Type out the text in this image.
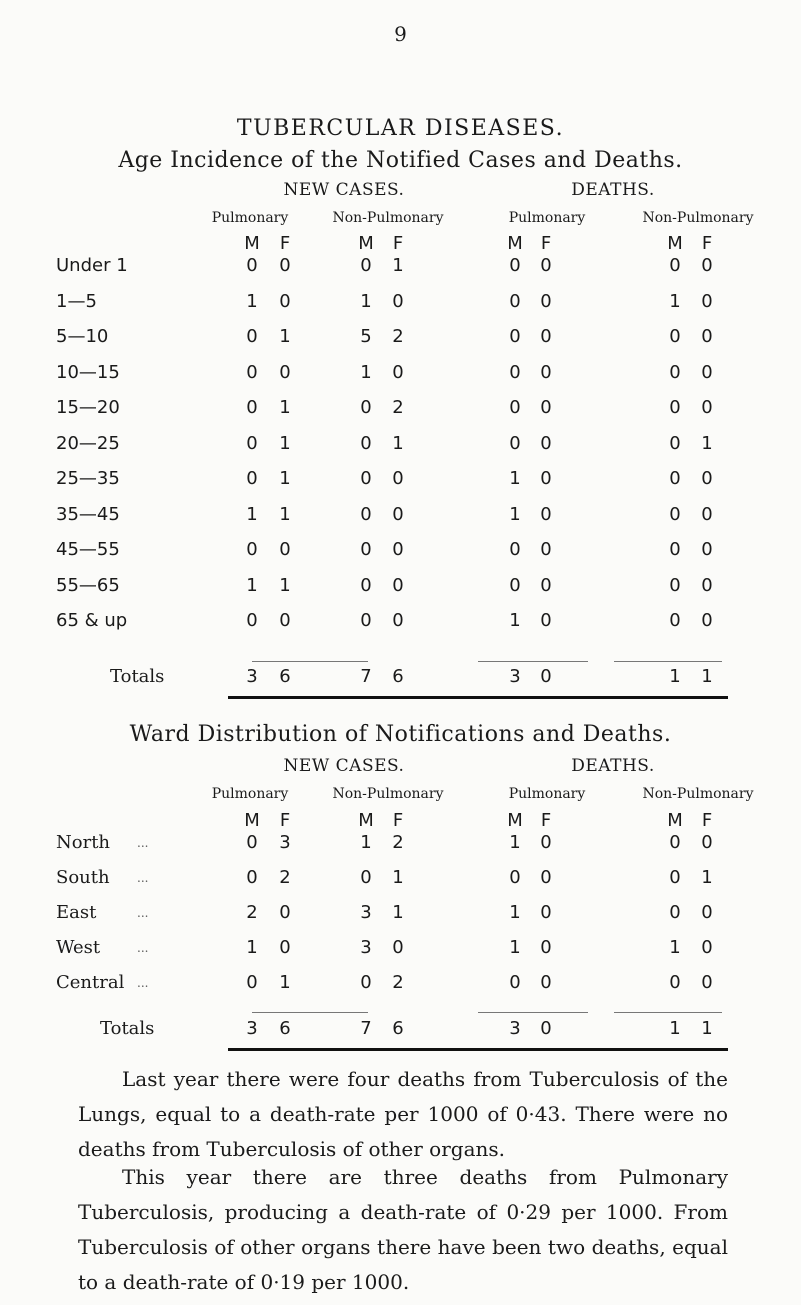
9
TUBERCULAR DISEASES.
Age Incidence of the Notified Cases and Deaths.
NEW CASES.	DEATHS.
Pulmonary	Non-Pulmonary	Pulmonary	Non-Pulmonary
M	F	M	F	M	F	M	F
Under 1	0	0	0	1	0	0	0	0
1—5	1	0	1	0	0	0	1	0
5—10	0	1	5	2	0	0	0	0
10—15	0	0	1	0	0	0	0	0
15—20	0	1	0	2	0	0	0	0
20—25	0	1	0	1	0	0	0	1
25—35	0	1	0	0	1	0	0	0
35—45	1	1	0	0	1	0	0	0
45—55	0	0	0	0	0	0	0	0
55—65	1	1	0	0	0	0	0	0
65 & up	0	0	0	0	1	0	0	0
Totals	3	6	7	6	3	0	1	1
Ward Distribution of Notifications and Deaths.
NEW CASES.	DEATHS.
Pulmonary	Non-Pulmonary	Pulmonary	Non-Pulmonary
M	F	M	F	M	F	M	F
North ...	0	3	1	2	1	0	0	0
South ...	0	2	0	1	0	0	0	1
East	...	2	0	3	1	1	0	0	0
West	...	1	0	3	0	1	0	1	0
Central ...	0	1	0	2	0	0	0	0
Totals	3	6	7	6	3	0	1	1
Last year there were four deaths from Tuberculosis of the Lungs, equal to a death-rate per 1000 of 0·43. There were no deaths from Tuberculosis of other organs.
This year there are three deaths from Pulmonary Tuberculosis, producing a death-rate of 0·29 per 1000. From Tuberculosis of other organs there have been two deaths, equal to a death-rate of 0·19 per 1000.
